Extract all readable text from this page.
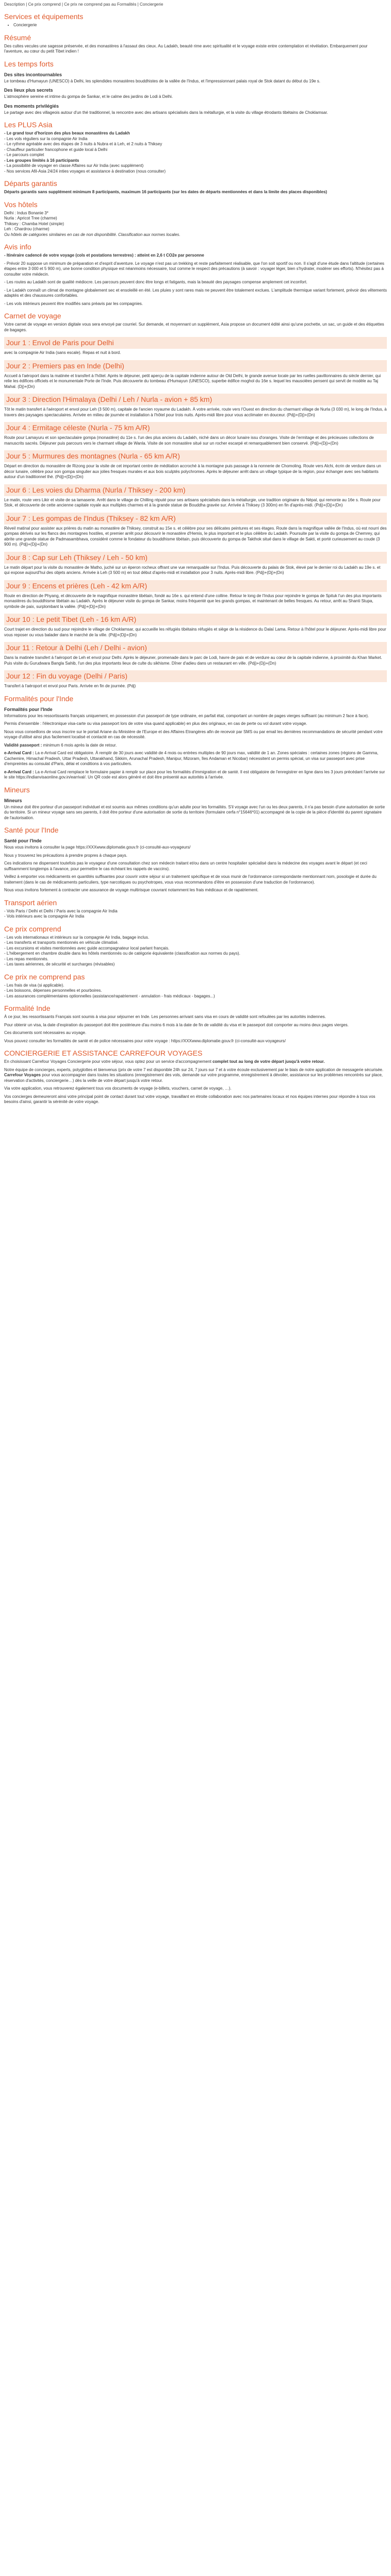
Description | Ce prix comprend | Ce prix ne comprend pas au Formalités | Conciergerie
Services et équipements
• Conciergerie
Résumé

Des cultes vecules une sagesse préservée, et des monastères à l'assaut des cieux. Au Ladakh, beauté rime avec spiritualité et le voyage existe entre contemplation et révélation. Embarquement pour l'aventure, au cœur du petit Tibet indien !

Les temps forts
Des sites incontournables

Le tombeau d'Humayun (UNESCO) à Delhi, les splendides monastères bouddhistes de la vallée de l'Indus, et l'impressionnant palais royal de Stok datant du début du 19e s.

Des lieux plus secrets

L'atmosphère sereine et intime du gompa de Sankar, et le calme des jardins de Lodi à Delhi.

Des moments privilégiés

Le partage avec des villageois autour d'un thé traditionnel, la rencontre avec des artisans spécialisés dans la métallurgie, et la visite du village étrodants tibétains de Choklamsar.

Les PLUS Asia
- Le grand tour d'horizon des plus beaux monastères du Ladakh
- Les vols réguliers sur la compagnie Air India
- Le rythme agréable avec des étapes de 3 nuits à Nubra et à Leh, et 2 nuits à Thiksey
- Chauffeur particulier francophone et guide local à Delhi
- Le parcours complet
- Les groupes limités à 16 participants
- La possibilité de voyager en classe Affaires sur Air India (avec supplément)
- Nos services Afil-Asia 24/24 inties voyages et assistance à destination (nous consulter)
Départs garantis

Départs garantis sans supplément minimum 8 participants, maximum 16 participants (sur les dates de départs mentionnées et dans la limite des places disponibles)

Vos hôtels
Delhi : Indus Bonanie 3*
Nurla : Apricot Tree (charme)
Thiksey : Chamba Hotel (simple)
Leh : Chardrou (charme)
Ou hôtels de catégories similaires en cas de non disponibilité. Classification aux normes locales.
Avis info

- Itinéraire cadencé de votre voyage (cols et postations terrestres) : atteint en 2,6 t CO2e par personne

- Prévoir 20 suppose un minimum de préparation et d'esprit d'aventure. Le voyage n'est pas un trekking et reste parfaitement réalisable, que l'on soit sportif ou non. Il s'agit d'une étude dans l'altitude (certaines étapes entre 3 000 et 5 900 m), une bonne condition physique est néanmoins nécessaire, tout comme le respect des précautions (à savoir : voyager léger, bien s'hydrater, modérer ses efforts). N'hésitez pas à consulter votre médecin.

- Les routes au Ladakh sont de qualité médiocre. Les parcours peuvent donc être longs et fatigants, mais la beauté des paysages compense amplement cet inconfort.

- Le Ladakh connaît un climat de montagne globalement sec et ensoleillé en été. Les pluies y sont rares mais ne peuvent être totalement exclues. L'amplitude thermique variant fortement, prévoir des vêtements adaptés et des chaussures confortables.

- Les vols intérieurs peuvent être modifiés sans préavis par les compagnies.

Carnet de voyage

Votre carnet de voyage en version digitale vous sera envoyé par courriel. Sur demande, et moyennant un supplément, Asia propose un document édité ainsi qu'une pochette, un sac, un guide et des étiquettes de bagages.

Jour 1 : Envol de Paris pour Delhi

avec la compagnie Air India (sans escale). Repas et nuit à bord.

Jour 2 : Premiers pas en Inde (Delhi)

Accueil à l'aéroport dans la matinée et transfert à l'hôtel. Après le déjeuner, petit aperçu de la capitale indienne autour de Old Delhi, le grande avenue locale par les ruelles pavillonnaires du siècle dernier, qui relie les édifices officiels et le monumentale Porte de l'Inde. Puis découverte du tombeau d'Humayun (UNESCO), superbe édifice moghol du 16e s. lequel les mausolées pensent qui servit de modèle au Taj Mahal. (Dj)+(Dn)

Jour 3 : Direction l'Himalaya (Delhi / Leh / Nurla - avion + 85 km)

Tôt le matin transfert à l'aéroport et envol pour Leh (3 500 m), capitale de l'ancien royaume du Ladakh. À votre arrivée, route vers l'Ouest en direction du charmant village de Nurla (3 030 m), le long de l'Indus, à travers des paysages spectaculaires. Arrivée en milieu de journée et installation à l'hôtel pour trois nuits. Après-midi libre pour vous acclimater en douceur. (Pdj)+(Dj)+(Dn)

Jour 4 : Ermitage céleste (Nurla - 75 km A/R)

Route pour Lamayuru et son spectaculaire gompa (monastère) du 11e s. l'un des plus anciens du Ladakh, niché dans un décor lunaire issu d'oranges. Visite de l'ermitage et des précieuses collections de manuscrits sacrés. Déjeuner puis parcours vers le charmant village de Wanla. Visite de son monastère situé sur un rocher escarpé et remarquablement bien conservé. (Pdj)+(Dj)+(Dn)

Jour 5 : Murmures des montagnes (Nurla - 65 km A/R)

Départ en direction du monastère de Rizong pour la visite de cet important centre de méditation accroché à la montagne puis passage à la nonnerie de Chomoling. Route vers Alchi, écrin de verdure dans un décor lunaire, célèbre pour son gompa singulier aux jolies fresques murales et aux bois sculptés polychromes. Après le déjeuner arrêt dans un village typique de la région, pour échanger avec ses habitants autour d'un traditionnel thé. (Pdj)+(Dj)+(Dn)

Jour 6 : Les voies du Dharma (Nurla / Thiksey - 200 km)

Le matin, route vers Likir et visite de sa lamaserie. Arrêt dans le village de Chilling réputé pour ses artisans spécialisés dans la métallurgie, une tradition originaire du Népal, qui remonte au 16e s. Route pour Stok, et découverte de cette ancienne capitale royale aux multiples charmes et à la grande statue de Bouddha gravée sur. Arrivée à Thiksey (3 300m) en fin d'après-midi. (Pdj)+(Dj)+(Dn)

Jour 7 : Les gompas de l'Indus (Thiksey - 82 km A/R)

Réveil matinal pour assister aux prières du matin au monastère de Thiksey, construit au 15e s. et célèbre pour ses délicates peintures et ses étages. Route dans la magnifique vallée de l'Indus, où est nourri des gompas dérivés sur les flancs des montagnes hostiles, et premier arrêt pour découvrir le monastère d'Hemis, le plus important et le plus célèbre du Ladakh. Poursuite par la visite du gompa de Chemrey, qui abrite une grande statue de Padmasambhava, considéré comme le fondateur du bouddhisme tibétain, puis découverte du gompa de Takthok situé dans le village de Sakti, et porté curieusement au coude (3 900 m). (Pdj)+(Dj)+(Dn)

Jour 8 : Cap sur Leh (Thiksey / Leh - 50 km)

Le matin départ pour la visite du monastère de Matho, juché sur un éperon rocheux offrant une vue remarquable sur l'Indus. Puis découverte du palais de Stok, élevé par le dernier roi du Ladakh au 19e s. et qui expose aujourd'hui des objets anciens. Arrivée à Leh (3 500 m) en tout début d'après-midi et installation pour 3 nuits. Après-midi libre. (Pdj)+(Dj)+(Dn)

Jour 9 : Encens et prières (Leh - 42 km A/R)

Route en direction de Phyang, et découverte de le magnifique monastère tibétain, fondé au 16e s. qui entend d'une colline. Retour le long de l'Indus pour rejoindre le gompa de Spituk l'un des plus importants monastères du bouddhisme tibétain au Ladakh. Après le déjeuner visite du gompa de Sankar, moins fréquenté que les grands gompas, et maintenant de belles fresques. Au retour, arrêt au Shanti Stupa, symbole de paix, surplombant la vallée. (Pdj)+(Dj)+(Dn)

Jour 10 : Le petit Tibet (Leh - 16 km A/R)

Court trajet en direction du sud pour rejoindre le village de Choklamsar, qui accueille les réfugiés tibétains réfugiés et siège de la résidence du Dalaï Lama. Retour à l'hôtel pour le déjeuner. Après-midi libre pour vous reposer ou vous balader dans le marché de la ville. (Pdj)+(Dj)+(Dn)

Jour 11 : Retour à Delhi (Leh / Delhi - avion)

Dans la matinée transfert à l'aéroport de Leh et envol pour Delhi. Après le déjeuner, promenade dans le parc de Lodi, havre de paix et de verdure au cœur de la capitale indienne, à proximité du Khan Market. Puis visite du Gurudwara Bangla Sahib, l'un des plus importants lieux de culte du sikhisme. Dîner d'adieu dans un restaurant en ville. (Pdj)+(Dj)+(Dn)

Jour 12 : Fin du voyage (Delhi / Paris)

Transfert à l'aéroport et envol pour Paris. Arrivée en fin de journée. (Pdj)

Formalités pour l'Inde
Formalités pour l'Inde

Informations pour les ressortissants français uniquement, en possession d'un passeport de type ordinaire, en parfait état, comportant un nombre de pages vierges suffisant (au minimum 2 face à face).

Permis d'ensemble : l'électronique visa-carte ou visa passeport lors de votre visa quand applicable) en plus des originaux, en cas de perte ou vol durant votre voyage.

Nous vous conseillons de vous inscrire sur le portail Ariane du Ministère de l'Europe et des Affaires Etrangères afin de recevoir par SMS ou par email les dernières recommandations de sécurité pendant votre voyage d'utilisé ainsi plus facilement localisé et contacté en cas de nécessité.

Validité passeport : minimum 6 mois après la date de retour.

e-Arrival Card : La e-Arrival Card est obligatoire. À remplir de 30 jours avec validité de 4 mois ou entrées multiples de 90 jours max, validité de 1 an. Zones spéciales : certaines zones (régions de Gamma, Cachemire, Himachal Pradesh, Uttar Pradesh, Uttarakhand, Sikkim, Arunachal Pradesh, Manipur, Mizoram, îles Andaman et Nicobar) nécessitent un permis spécial, un visa sur passeport avec prise d'empreintes au consulat d'Paris, délai et conditions à vos particuliers.

e-Arrival Card : La e-Arrival Card remplace le formulaire papier à remplir sur place pour les formalités d'immigration et de santé. Il est obligatoire de l'enregistrer en ligne dans les 3 jours précédant l'arrivée sur le site https://indianvisaonline.gov.in/earrival/. Un QR code est alors généré et doit être présenté aux autorités à l'arrivée.

Mineurs
Mineurs

Un mineur doit être porteur d'un passeport individuel et est soumis aux mêmes conditions qu'un adulte pour les formalités. S'il voyage avec l'un ou les deux parents, il n'a pas besoin d'une autorisation de sortie du territoire. Si un mineur voyage sans ses parents, il doit être porteur d'une autorisation de sortie du territoire (formulaire cerfa n°15646*01) accompagné de la copie de la pièce d'identité du parent signataire de l'autorisation.

Santé pour l'Inde
Santé pour l'Inde

Nous vous invitons à consulter la page https://XXXwww.diplomatie.gouv.fr (ci-consulté-aux-voyageurs/

Nous y trouverez les précautions à prendre propres à chaque pays.

Ces indications ne dispensent toutefois pas le voyageur d'une consultation chez son médecin traitant et/ou dans un centre hospitalier spécialisé dans la médecine des voyages avant le départ (et ceci suffisamment longtemps à l'avance, pour permettre le cas échéant les rappels de vaccins).

Veillez à emporter vos médicaments en quantités suffisantes pour couvrir votre séjour si un traitement spécifique et de vous munir de l'ordonnance correspondante mentionnant nom, posologie et durée du traitement (dans le cas de médicaments particuliers, type narcotiques ou psychotropes, vous vous recommandons d'être en possession d'une traduction de l'ordonnance).

Nous vous invitons fortement à contracter une assurance de voyage multirisque couvrant notamment les frais médicaux et de rapatriement.

Transport aérien
- Vols Paris / Delhi et Delhi / Paris avec la compagnie Air India
- Vols intérieurs avec la compagnie Air India
Ce prix comprend
- Les vols internationaux et intérieurs sur la compagnie Air India, bagage inclus.
- Les transferts et transports mentionnés en véhicule climatisé.
- Les excursions et visites mentionnées avec guide accompagnateur local parlant français.
- L'hébergement en chambre double dans les hôtels mentionnés ou de catégorie équivalente (classification aux normes du pays).
- Les repas mentionnés.
- Les taxes aériennes, de sécurité et surcharges (révisables)
Ce prix ne comprend pas
- Les frais de visa (si applicable).
- Les boissons, dépenses personnelles et pourboires.
- Les assurances complémentaires optionnelles (assistance/rapatriement - annulation - frais médicaux - bagages...)
Formalité Inde

À ce jour, les ressortissants Français sont soumis à visa pour séjourner en Inde. Les personnes arrivant sans visa en cours de validité sont refoulées par les autorités indiennes.

Pour obtenir un visa, la date d'expiration du passeport doit être postérieure d'au moins 6 mois à la date de fin de validité du visa et le passeport doit comporter au moins deux pages vierges.

Ces documents sont nécessaires au voyage.

Vous pouvez consulter les formalités de santé et de police nécessaires pour votre voyage : https://XXXwww.diplomatie.gouv.fr (ci-consulté-aux-voyageurs/

CONCIERGERIE ET ASSISTANCE CARREFOUR VOYAGES

En choisissant Carrefour Voyages Conciergerie pour votre séjour, vous optez pour un service d'accompagnement complet tout au long de votre départ jusqu'à votre retour.

Notre équipe de concierges, experts, polyglottes et bienvenus (prix de votre 7 est disponible 24h sur 24, 7 jours sur 7 et à votre écoute exclusivement par le biais de notre application de messagerie sécurisée. Carrefour Voyages pour vous accompagner dans toutes les situations (enregistrement des vols, demande sur votre programme, enregistrement à dévoiler, assistance sur les problèmes rencontrés sur place, réservation d'activités, conciergerie…) dès la veille de votre départ jusqu'à votre retour.

Via votre application, vous retrouverez également tous vos documents de voyage (e-billets, vouchers, carnet de voyage, …).

Vos concierges demeureront ainsi votre principal point de contact durant tout votre voyage, travaillant en étroite collaboration avec nos partenaires locaux et nos équipes internes pour répondre à tous vos besoins d'ainsi, garantir la sérénité de votre voyage.
